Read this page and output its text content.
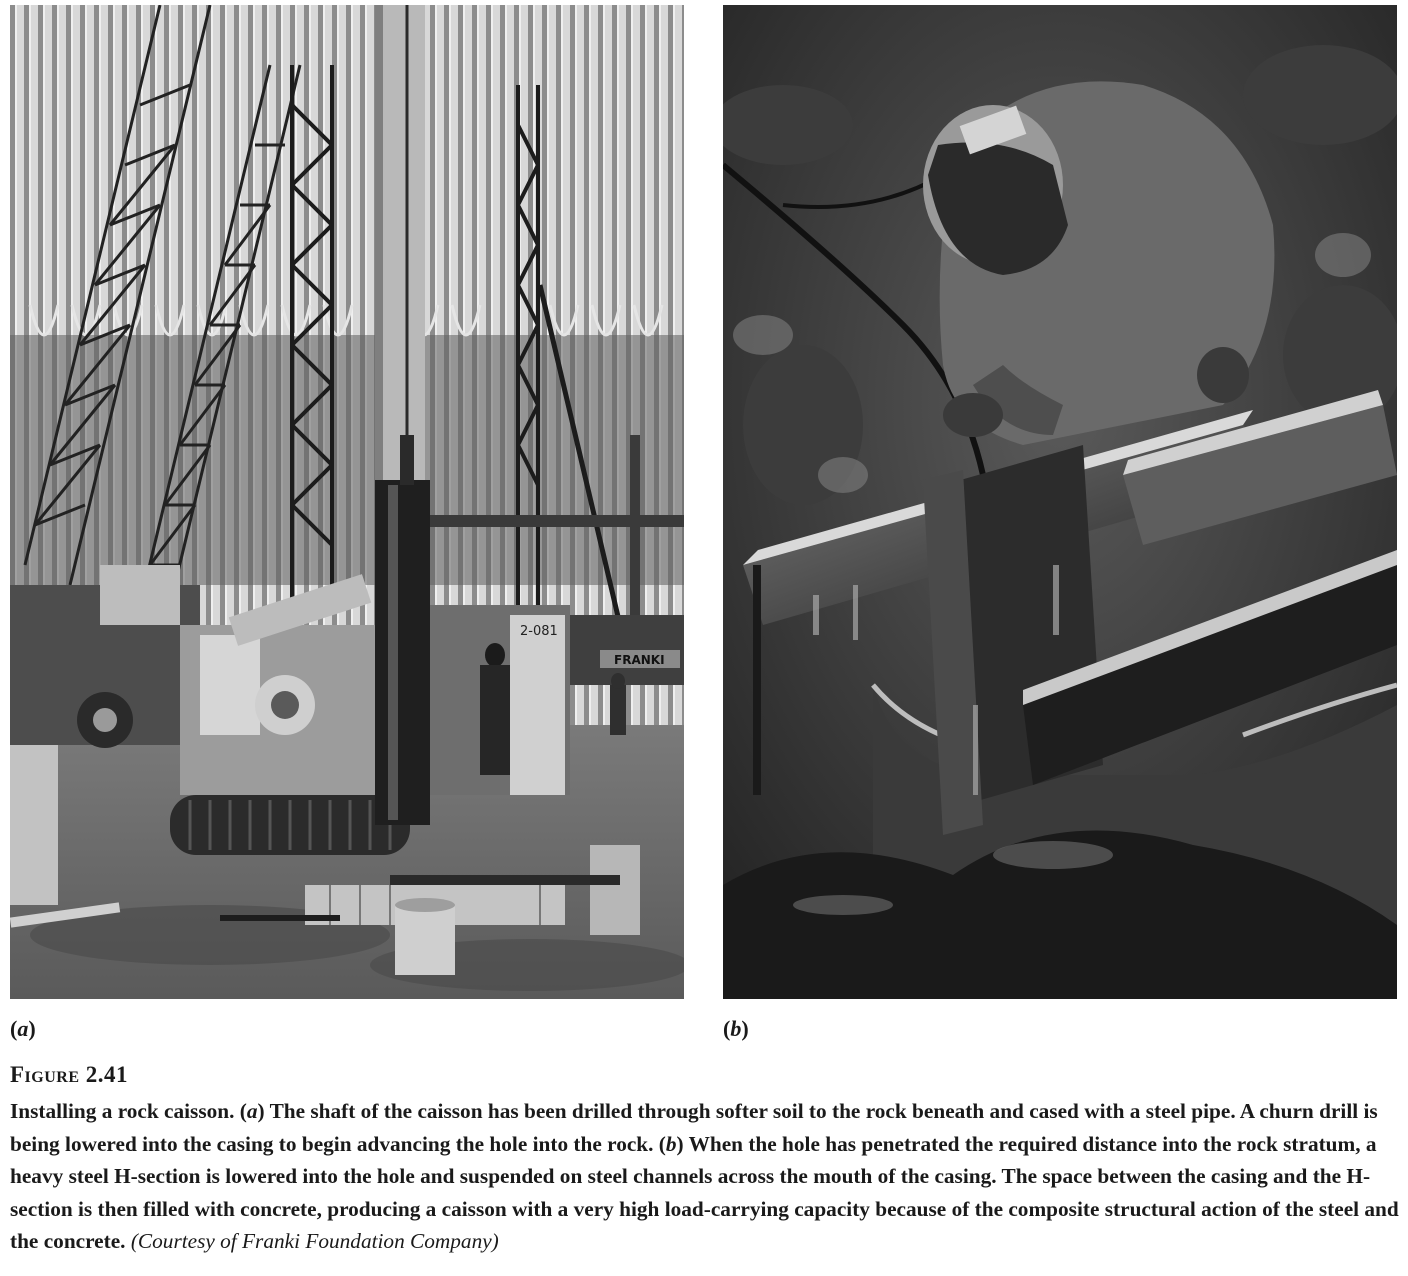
2-081
FRANKI
(a)	(b)
Figure 2.41

Installing a rock caisson. (a) The shaft of the caisson has been drilled through softer soil to the rock beneath and cased with a steel pipe. A churn drill is being lowered into the casing to begin advancing the hole into the rock. (b) When the hole has penetrated the required distance into the rock stratum, a heavy steel H-section is lowered into the hole and suspended on steel channels across the mouth of the casing. The space between the casing and the H-section is then filled with concrete, producing a caisson with a very high load-carrying capacity because of the composite structural action of the steel and the concrete. (Courtesy of Franki Foundation Company)
